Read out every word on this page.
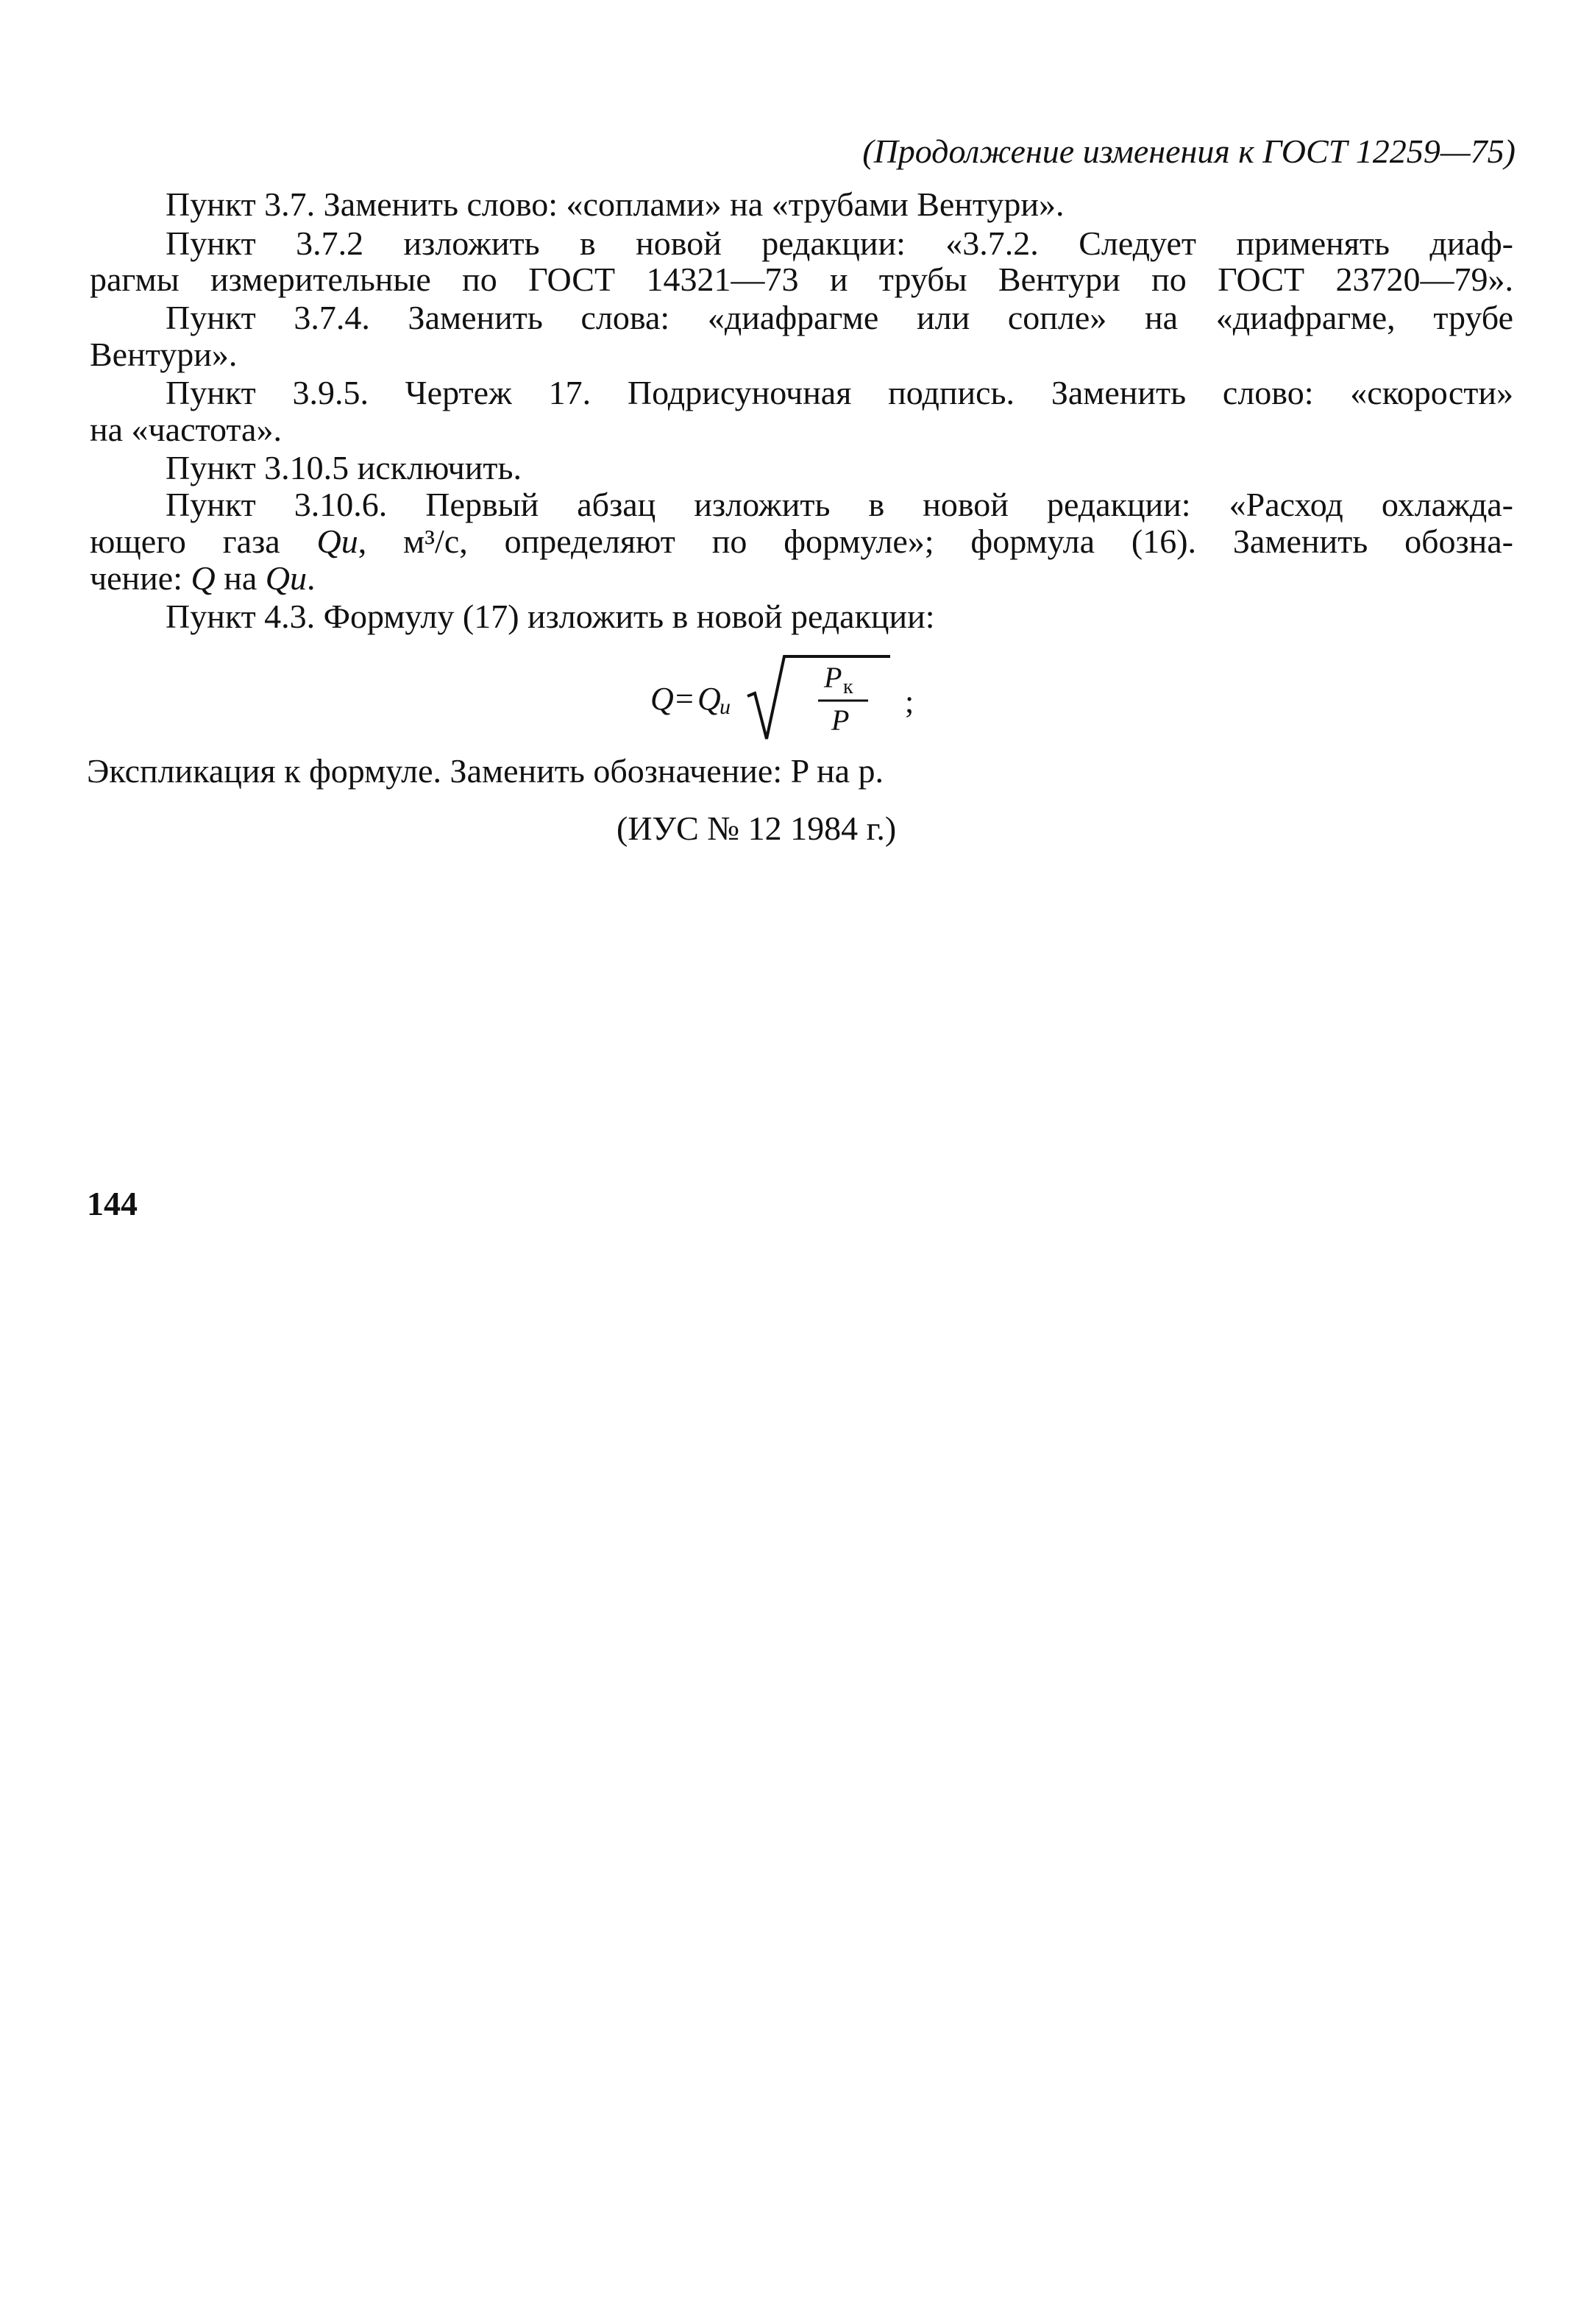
(Продолжение изменения к ГОСТ 12259—75)
Пункт 3.7. Заменить слово: «соплами» на «трубами Вентури».
Пункт 3.7.2 изложить в новой редакции: «3.7.2. Следует применять диаф-
рагмы измерительные по ГОСТ 14321—73 и трубы Вентури по ГОСТ 23720—79».
Пункт 3.7.4. Заменить слова: «диафрагме или сопле» на «диафрагме, трубе
Вентури».
Пункт 3.9.5. Чертеж 17. Подрисуночная подпись. Заменить слово: «скорости»
на «частота».
Пункт 3.10.5 исключить.
Пункт 3.10.6. Первый абзац изложить в новой редакции: «Расход охлажда-
ющего газа Qи, м³/с, определяют по формуле»; формула (16). Заменить обозна-
чение: Q на Qи.
Пункт 4.3. Формулу (17) изложить в новой редакции:
Q = Q
и
P к
P
;
Экспликация к формуле. Заменить обозначение: P на p.
(ИУС № 12 1984 г.)
144
